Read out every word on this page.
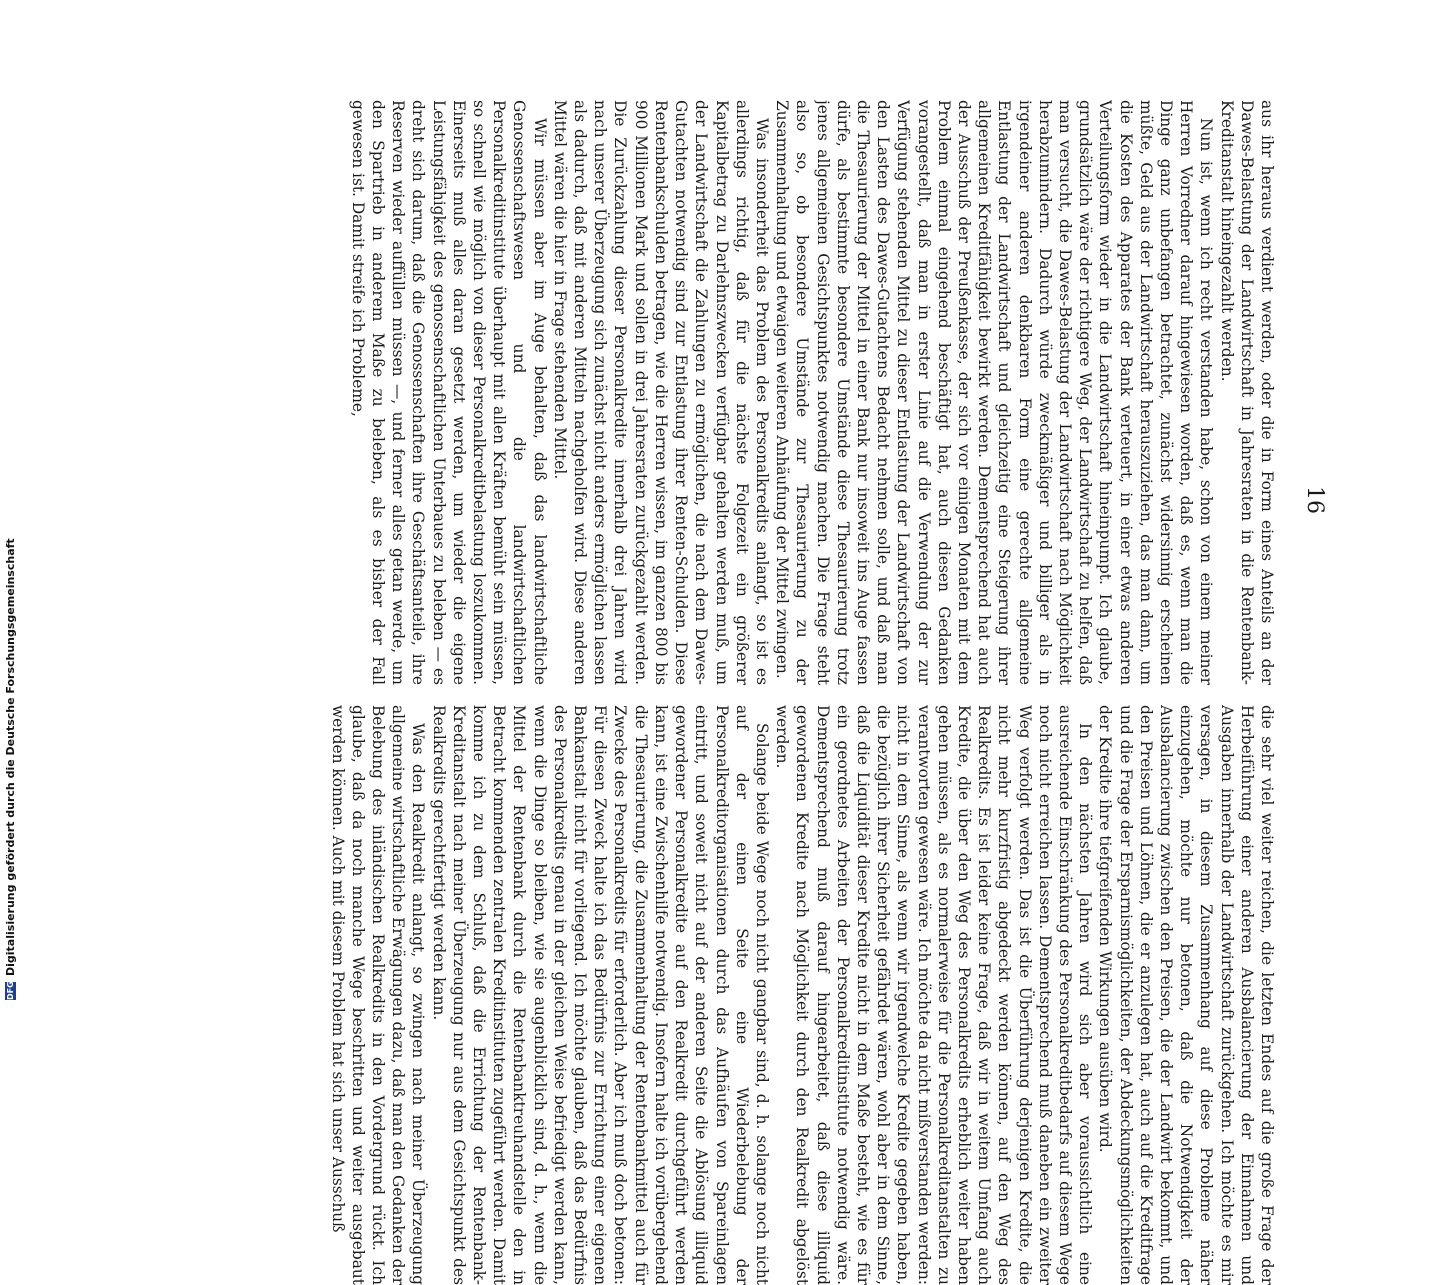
16

aus ihr heraus verdient werden, oder die in Form eines Anteils an der Dawes-Belastung der Landwirtschaft in Jahresraten in die Rentenbank-Kreditanstalt hineingezahlt werden.

Nun ist, wenn ich recht verstanden habe, schon von einem meiner Herren Vorredner darauf hingewiesen worden, daß es, wenn man die Dinge ganz unbefangen betrachtet, zunächst widersinnig erscheinen müßte, Geld aus der Landwirtschaft herauszuziehen, das man dann, um die Kosten des Apparates der Bank verteuert, in einer etwas anderen Verteilungsform wieder in die Landwirtschaft hineinpumpt. Ich glaube, grundsätzlich wäre der richtigere Weg, der Landwirtschaft zu helfen, daß man versucht, die Dawes-Belastung der Landwirtschaft nach Möglichkeit herabzumindern. Dadurch würde zweckmäßiger und billiger als in irgendeiner anderen denkbaren Form eine gerechte allgemeine Entlastung der Landwirtschaft und gleichzeitig eine Steigerung ihrer allgemeinen Kreditfähigkeit bewirkt werden. Dementsprechend hat auch der Ausschuß der Preußenkasse, der sich vor einigen Monaten mit dem Problem einmal eingehend beschäftigt hat, auch diesen Gedanken vorangestellt, daß man in erster Linie auf die Verwendung der zur Verfügung stehenden Mittel zu dieser Entlastung der Landwirtschaft von den Lasten des Dawes-Gutachtens Bedacht nehmen solle, und daß man die Thesaurierung der Mittel in einer Bank nur insoweit ins Auge fassen dürfe, als bestimmte besondere Umstände diese Thesaurierung trotz jenes allgemeinen Gesichtspunktes notwendig machen. Die Frage steht also so, ob besondere Umstände zur Thesaurierung zu der Zusammenhaltung und etwaigen weiteren Anhäufung der Mittel zwingen.

Was insonderheit das Problem des Personalkredits anlangt, so ist es allerdings richtig, daß für die nächste Folgezeit ein größerer Kapitalbetrag zu Darlehnszwecken verfügbar gehalten werden muß, um der Landwirtschaft die Zahlungen zu ermöglichen, die nach dem Dawes-Gutachten notwendig sind zur Entlastung ihrer Renten-Schulden. Diese Rentenbankschulden betragen, wie die Herren wissen, im ganzen 800 bis 900 Millionen Mark und sollen in drei Jahresraten zurückgezahlt werden. Die Zurückzahlung dieser Personalkredite innerhalb drei Jahren wird nach unserer Überzeugung sich zunächst nicht anders ermöglichen lassen als dadurch, daß mit anderen Mitteln nachgeholfen wird. Diese anderen Mittel wären die hier in Frage stehenden Mittel.

Wir müssen aber im Auge behalten, daß das landwirtschaftliche Genossenschaftswesen und die landwirtschaftlichen Personalkreditinstitute überhaupt mit allen Kräften bemüht sein müssen, so schnell wie möglich von dieser Personalkreditbelastung loszukommen. Einerseits muß alles daran gesetzt werden, um wieder die eigene Leistungsfähigkeit des genossenschaftlichen Unterbaues zu beleben — es dreht sich darum, daß die Genossenschaften ihre Geschäftsanteile, ihre Reserven wieder auffüllen müssen —, und ferner alles getan werde, um den Spartrieb in anderem Maße zu beleben, als es bisher der Fall gewesen ist. Damit streife ich Probleme,

die sehr viel weiter reichen, die letzten Endes auf die große Frage der Herbeiführung einer anderen Ausbalancierung der Einnahmen und Ausgaben innerhalb der Landwirtschaft zurückgehen. Ich möchte es mir versagen, in diesem Zusammenhang auf diese Probleme näher einzugehen, möchte nur betonen, daß die Notwendigkeit der Ausbalancierung zwischen den Preisen, die der Landwirt bekommt, und den Preisen und Löhnen, die er anzulegen hat, auch auf die Kreditfrage und die Frage der Ersparnismöglichkeiten, der Abdeckungsmöglichkeiten der Kredite ihre tiefgreifenden Wirkungen ausüben wird.

In den nächsten Jahren wird sich aber voraussichtlich eine ausreichende Einschränkung des Personalkreditbedarfs auf diesem Wege noch nicht erreichen lassen. Dementsprechend muß daneben ein zweiter Weg verfolgt werden. Das ist die Überführung derjenigen Kredite, die nicht mehr kurzfristig abgedeckt werden können, auf den Weg des Realkredits. Es ist leider keine Frage, daß wir in weitem Umfang auch Kredite, die über den Weg des Personalkredits erheblich weiter haben gehen müssen, als es normalerweise für die Personalkreditanstalten zu verantworten gewesen wäre. Ich möchte da nicht mißverstanden werden: nicht in dem Sinne, als wenn wir irgendwelche Kredite gegeben haben, die bezüglich ihrer Sicherheit gefährdet wären, wohl aber in dem Sinne, daß die Liquidität dieser Kredite nicht in dem Maße besteht, wie es für ein geordnetes Arbeiten der Personalkreditinstitute notwendig wäre. Dementsprechend muß darauf hingearbeitet, daß diese illiquid gewordenen Kredite nach Möglichkeit durch den Realkredit abgelöst werden.

Solange beide Wege noch nicht gangbar sind, d. h. solange noch nicht auf der einen Seite eine Wiederbelebung der Personalkreditorganisationen durch das Aufhäufen von Spareinlagen eintritt, und soweit nicht auf der anderen Seite die Ablösung illiquid gewordener Personalkredite auf den Realkredit durchgeführt werden kann, ist eine Zwischenhilfe notwendig. Insofern halte ich vorübergehend die Thesaurierung, die Zusammenhaltung der Rentenbankmittel auch für Zwecke des Personalkredits für erforderlich. Aber ich muß doch betonen: Für diesen Zweck halte ich das Bedürfnis zur Errichtung einer eigenen Bankanstalt nicht für vorliegend. Ich möchte glauben, daß das Bedürfnis des Personalkredits genau in der gleichen Weise befriedigt werden kann, wenn die Dinge so bleiben, wie sie augenblicklich sind, d. h., wenn die Mittel der Rentenbank durch die Rentenbanktreuhandstelle den in Betracht kommenden zentralen Kreditinstituten zugeführt werden. Damit komme ich zu dem Schluß, daß die Errichtung der Rentenbank-Kreditanstalt nach meiner Überzeugung nur aus dem Gesichtspunkt des Realkredits gerechtfertigt werden kann.

Was den Realkredit anlangt, so zwingen nach meiner Überzeugung allgemeine wirtschaftliche Erwägungen dazu, daß man den Gedanken der Belebung des inländischen Realkredits in den Vordergrund rückt. Ich glaube, daß da noch manche Wege beschritten und weiter ausgebaut werden können. Auch mit diesem Problem hat sich unser Ausschuß

DFG
Digitalisierung gefördert durch die Deutsche Forschungsgemeinschaft
